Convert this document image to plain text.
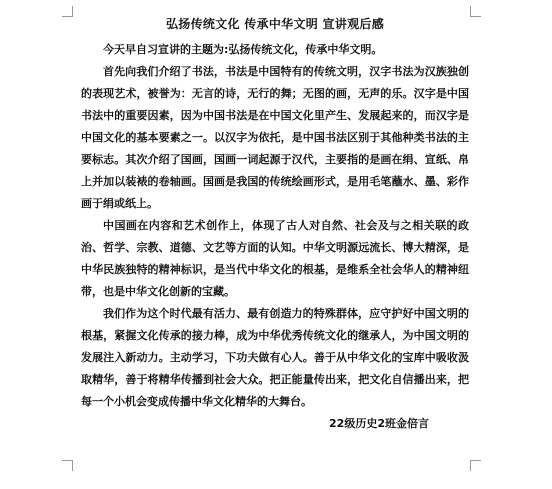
弘扬传统文化 传承中华文明 宣讲观后感

今天早自习宣讲的主题为:弘扬传统文化，传承中华文明。

首先向我们介绍了书法，书法是中国特有的传统文明，汉字书法为汉族独创的表现艺术，被誉为：无言的诗，无行的舞；无图的画，无声的乐。汉字是中国书法中的重要因素，因为中国书法是在中国文化里产生、发展起来的，而汉字是中国文化的基本要素之一。以汉字为依托，是中国书法区别于其他种类书法的主要标志。其次介绍了国画，国画一词起源于汉代，主要指的是画在绢、宣纸、帛上并加以装裱的卷轴画。国画是我国的传统绘画形式，是用毛笔蘸水、墨、彩作画于绢或纸上。

中国画在内容和艺术创作上，体现了古人对自然、社会及与之相关联的政治、哲学、宗教、道德、文艺等方面的认知。中华文明源远流长、博大精深，是中华民族独特的精神标识，是当代中华文化的根基，是维系全社会华人的精神纽带，也是中华文化创新的宝藏。

我们作为这个时代最有活力、最有创造力的特殊群体，应守护好中国文明的根基，紧握文化传承的接力棒，成为中华优秀传统文化的继承人，为中国文明的发展注入新动力。主动学习，下功夫做有心人。善于从中华文化的宝库中吸收汲取精华，善于将精华传播到社会大众。把正能量传出来，把文化自信播出来，把每一个小机会变成传播中华文化精华的大舞台。

22级历史2班金倍言
